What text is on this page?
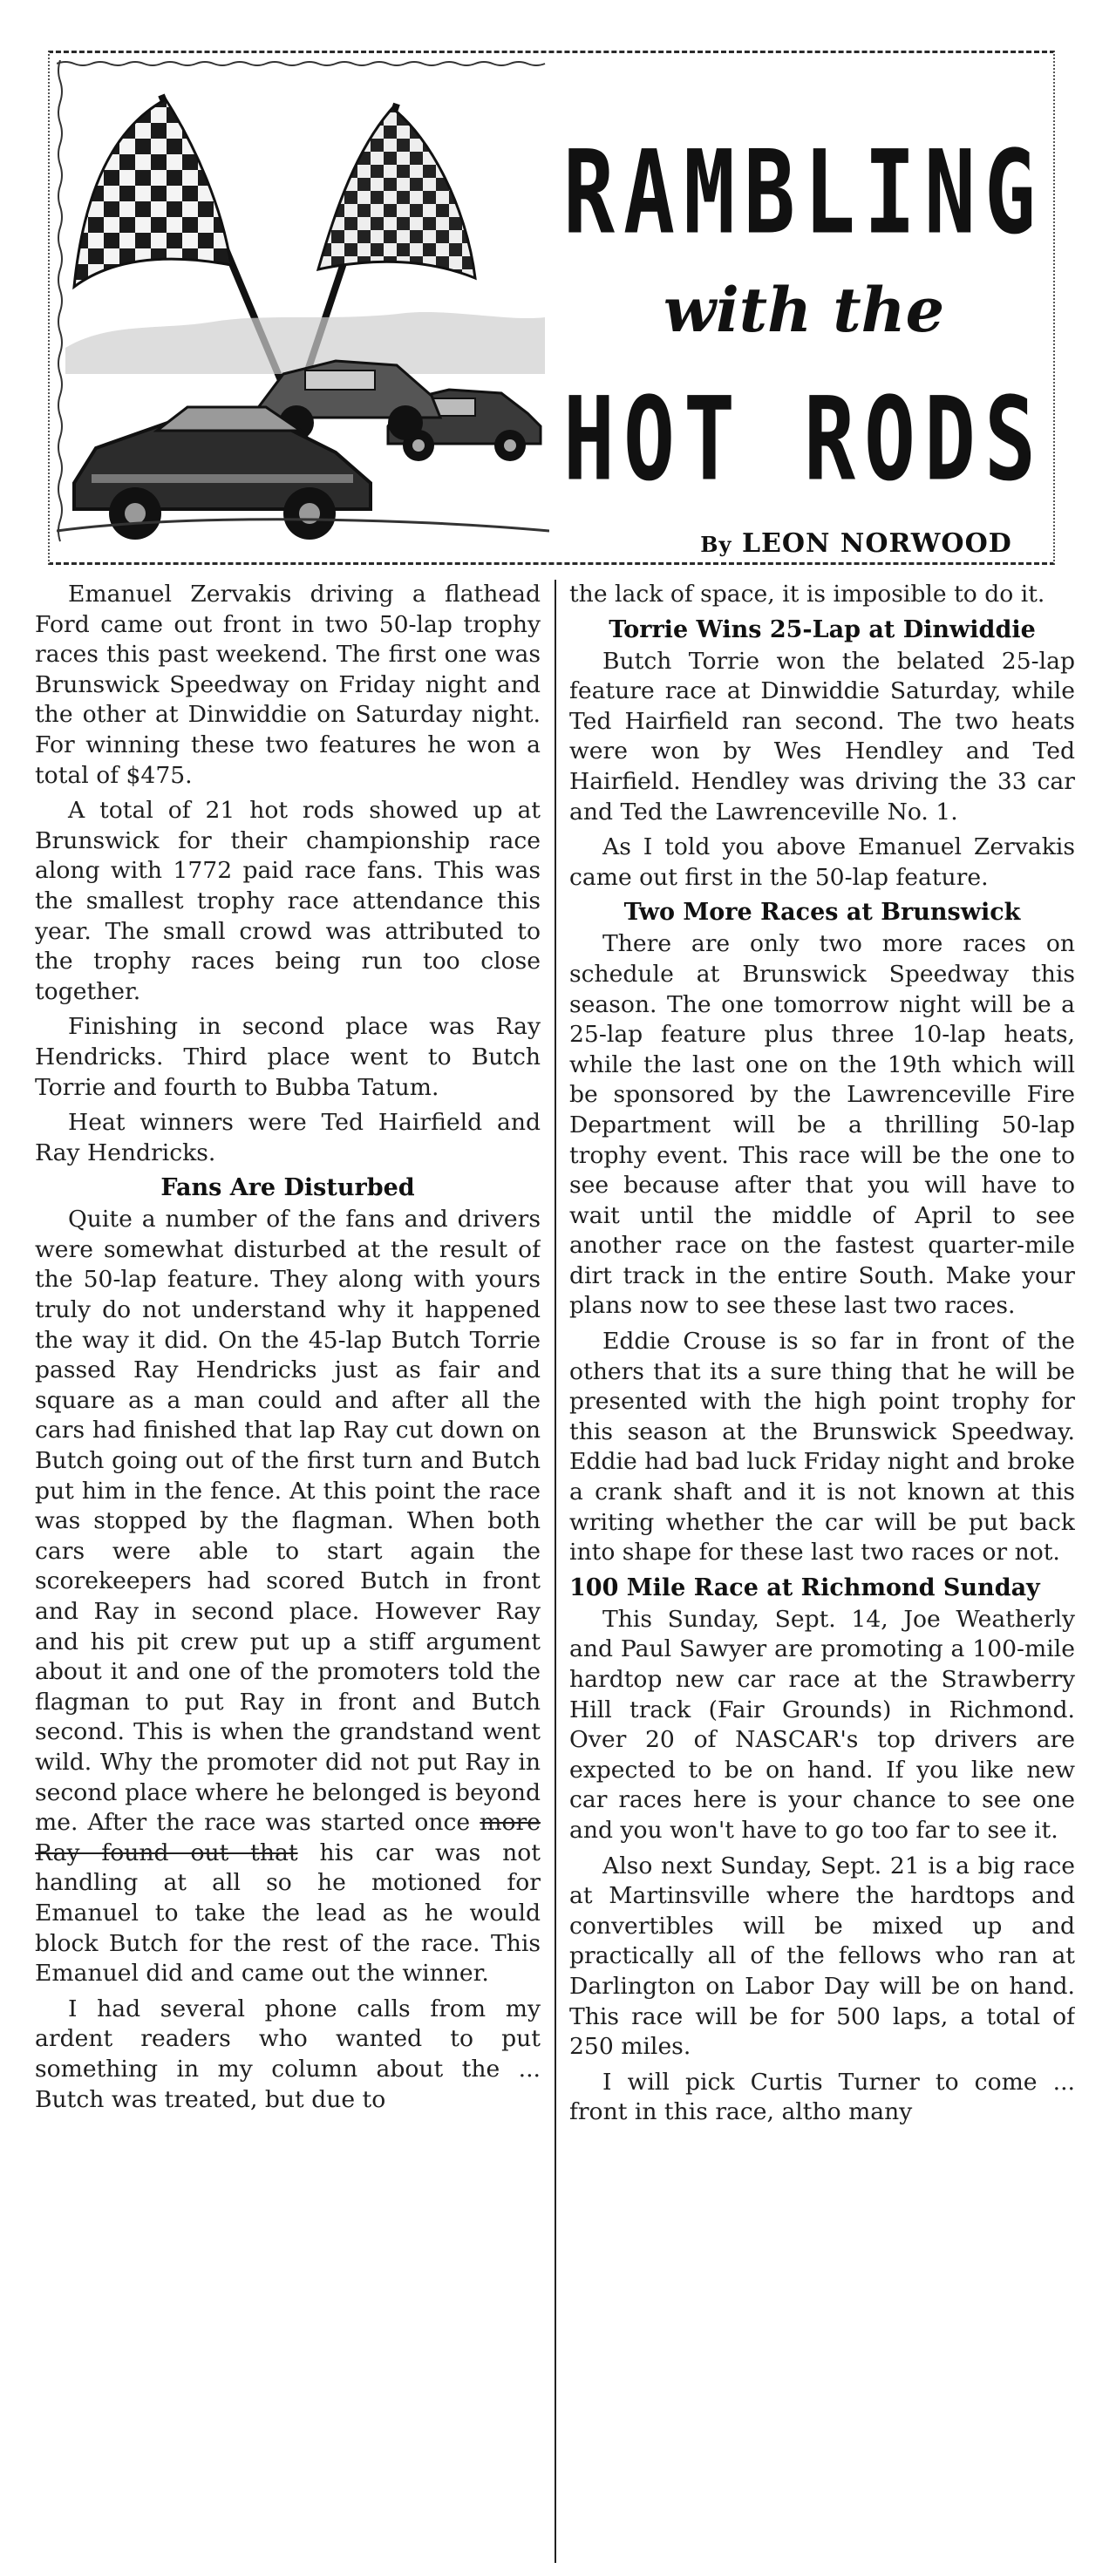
RAMBLING
with the
HOT RODS
By LEON NORWOOD

Emanuel Zervakis driving a flathead Ford came out front in two 50-lap trophy races this past weekend. The first one was Brunswick Speedway on Friday night and the other at Dinwiddie on Saturday night. For winning these two features he won a total of $475.

A total of 21 hot rods showed up at Brunswick for their championship race along with 1772 paid race fans. This was the smallest trophy race attendance this year. The small crowd was attributed to the trophy races being run too close together.

Finishing in second place was Ray Hendricks. Third place went to Butch Torrie and fourth to Bubba Tatum.

Heat winners were Ted Hairfield and Ray Hendricks.

Fans Are Disturbed

Quite a number of the fans and drivers were somewhat disturbed at the result of the 50-lap feature. They along with yours truly do not understand why it happened the way it did. On the 45-lap Butch Torrie passed Ray Hendricks just as fair and square as a man could and after all the cars had finished that lap Ray cut down on Butch going out of the first turn and Butch put him in the fence. At this point the race was stopped by the flagman. When both cars were able to start again the scorekeepers had scored Butch in front and Ray in second place. However Ray and his pit crew put up a stiff argument about it and one of the promoters told the flagman to put Ray in front and Butch second. This is when the grandstand went wild. Why the promoter did not put Ray in second place where he belonged is beyond me. After the race was started once more Ray found out that his car was not handling at all so he motioned for Emanuel to take the lead as he would block Butch for the rest of the race. This Emanuel did and came out the winner.

I had several phone calls from my ardent readers who wanted to put something in my column about the ... Butch was treated, but due to

the lack of space, it is imposible to do it.

Torrie Wins 25-Lap at Dinwiddie

Butch Torrie won the belated 25-lap feature race at Dinwiddie Saturday, while Ted Hairfield ran second. The two heats were won by Wes Hendley and Ted Hairfield. Hendley was driving the 33 car and Ted the Lawrenceville No. 1.

As I told you above Emanuel Zervakis came out first in the 50-lap feature.

Two More Races at Brunswick

There are only two more races on schedule at Brunswick Speedway this season. The one tomorrow night will be a 25-lap feature plus three 10-lap heats, while the last one on the 19th which will be sponsored by the Lawrenceville Fire Department will be a thrilling 50-lap trophy event. This race will be the one to see because after that you will have to wait until the middle of April to see another race on the fastest quarter-mile dirt track in the entire South. Make your plans now to see these last two races.

Eddie Crouse is so far in front of the others that its a sure thing that he will be presented with the high point trophy for this season at the Brunswick Speedway. Eddie had bad luck Friday night and broke a crank shaft and it is not known at this writing whether the car will be put back into shape for these last two races or not.

100 Mile Race at Richmond Sunday

This Sunday, Sept. 14, Joe Weatherly and Paul Sawyer are promoting a 100-mile hardtop new car race at the Strawberry Hill track (Fair Grounds) in Richmond. Over 20 of NASCAR's top drivers are expected to be on hand. If you like new car races here is your chance to see one and you won't have to go too far to see it.

Also next Sunday, Sept. 21 is a big race at Martinsville where the hardtops and convertibles will be mixed up and practically all of the fellows who ran at Darlington on Labor Day will be on hand. This race will be for 500 laps, a total of 250 miles.

I will pick Curtis Turner to come ... front in this race, altho many
